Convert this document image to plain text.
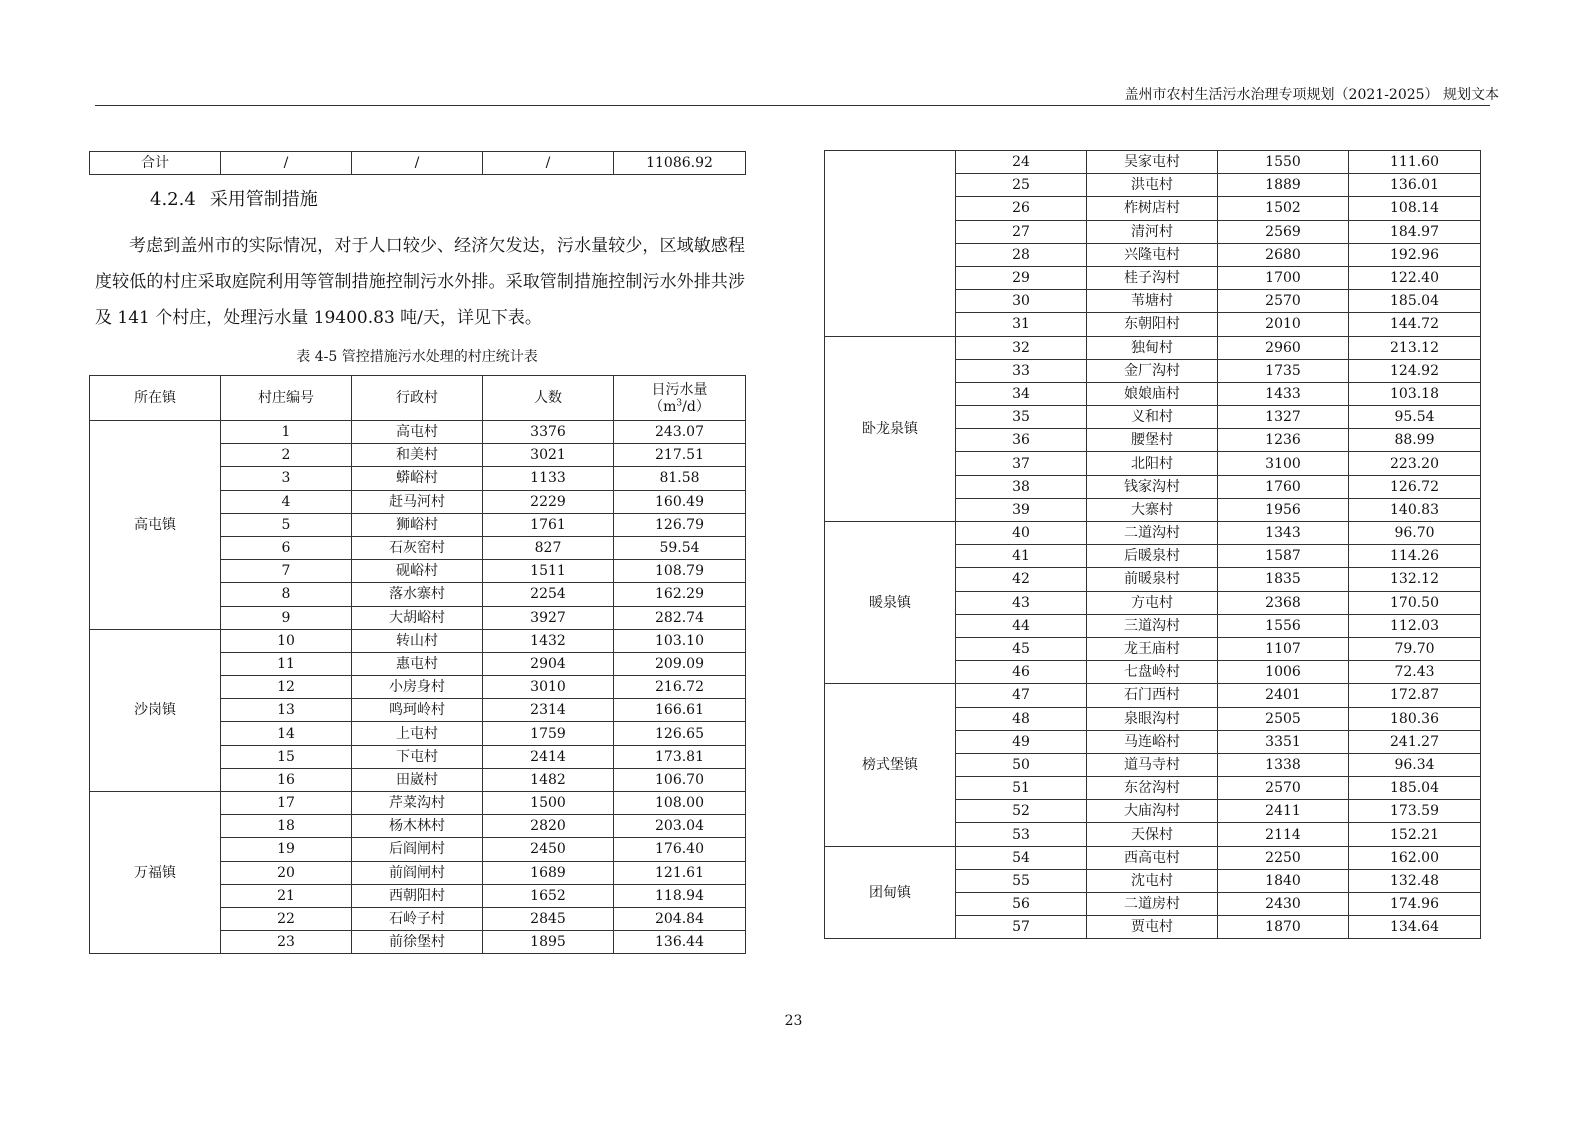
盖州市农村生活污水治理专项规划（2021-2025） 规划文本
合计	/	/	/	11086.92
4.2.4 采用管制措施
考虑到盖州市的实际情况，对于人口较少、经济欠发达，污水量较少，区域敏感程度较低的村庄采取庭院利用等管制措施控制污水外排。采取管制措施控制污水外排共涉及 141 个村庄，处理污水量 19400.83 吨/天，详见下表。
表 4-5 管控措施污水处理的村庄统计表
所在镇	村庄编号	行政村	人数	日污水量
$(m^3/d)$

高屯镇	1	高屯村	3376	243.07
	2	和美村	3021	217.51
	3	蟒峪村	1133	81.58
	4	赶马河村	2229	160.49
	5	狮峪村	1761	126.79
	6	石灰窑村	827	59.54
	7	砚峪村	1511	108.79
	8	落水寨村	2254	162.29
	9	大胡峪村	3927	282.74
沙岗镇	10	转山村	1432	103.10
	11	惠屯村	2904	209.09
	12	小房身村	3010	216.72
	13	鸣珂岭村	2314	166.61
	14	上屯村	1759	126.65
	15	下屯村	2414	173.81
	16	田崴村	1482	106.70
万福镇	17	芹菜沟村	1500	108.00
	18	杨木林村	2820	203.04
	19	后阎闸村	2450	176.40
	20	前阎闸村	1689	121.61
	21	西朝阳村	1652	118.94
	22	石岭子村	2845	204.84
	23	前徐堡村	1895	136.44
	24	吴家屯村	1550	111.60
	25	洪屯村	1889	136.01
	26	柞树店村	1502	108.14
	27	清河村	2569	184.97
	28	兴隆屯村	2680	192.96
	29	桂子沟村	1700	122.40
	30	苇塘村	2570	185.04
	31	东朝阳村	2010	144.72
卧龙泉镇	32	独甸村	2960	213.12
	33	金厂沟村	1735	124.92
	34	娘娘庙村	1433	103.18
	35	义和村	1327	95.54
	36	腰堡村	1236	88.99
	37	北阳村	3100	223.20
	38	钱家沟村	1760	126.72
	39	大寨村	1956	140.83
暖泉镇	40	二道沟村	1343	96.70
	41	后暖泉村	1587	114.26
	42	前暖泉村	1835	132.12
	43	方屯村	2368	170.50
	44	三道沟村	1556	112.03
	45	龙王庙村	1107	79.70
	46	七盘岭村	1006	72.43
榜式堡镇	47	石门西村	2401	172.87
	48	泉眼沟村	2505	180.36
	49	马连峪村	3351	241.27
	50	道马寺村	1338	96.34
	51	东岔沟村	2570	185.04
	52	大庙沟村	2411	173.59
	53	天保村	2114	152.21
团甸镇	54	西高屯村	2250	162.00
	55	沈屯村	1840	132.48
	56	二道房村	2430	174.96
	57	贾屯村	1870	134.64
23
